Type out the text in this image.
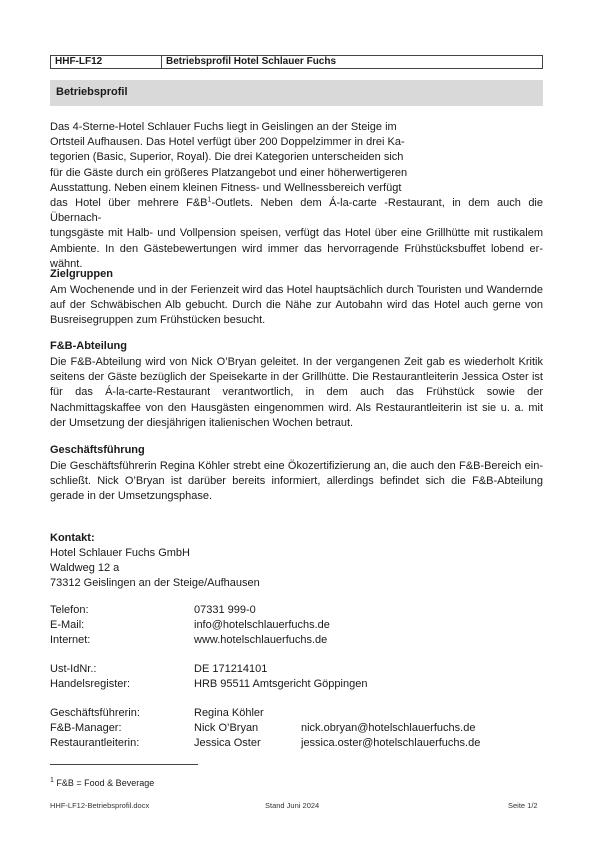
HHF-LF12	Betriebsprofil Hotel Schlauer Fuchs
Betriebsprofil
Das 4-Sterne-Hotel Schlauer Fuchs liegt in Geislingen an der Steige im
Ortsteil Aufhausen. Das Hotel verfügt über 200 Doppelzimmer in drei Ka-
tegorien (Basic, Superior, Royal). Die drei Kategorien unterscheiden sich
für die Gäste durch ein größeres Platzangebot und einer höherwertigeren
Ausstattung. Neben einem kleinen Fitness- und Wellnessbereich verfügt
das Hotel über mehrere $F\&B^1$-Outlets. Neben dem Á-la-carte -Restaurant, in dem auch die Übernach-
tungsgäste mit Halb- und Vollpension speisen, verfügt das Hotel über eine Grillhütte mit rustikalem Ambiente. In den Gästebewertungen wird immer das hervorragende Frühstücksbuffet lobend er-wähnt.

Zielgruppen

Am Wochenende und in der Ferienzeit wird das Hotel hauptsächlich durch Touristen und Wandernde auf der Schwäbischen Alb gebucht. Durch die Nähe zur Autobahn wird das Hotel auch gerne von Busreisegruppen zum Frühstücken besucht.

F&B-Abteilung

Die F&B-Abteilung wird von Nick O’Bryan geleitet. In der vergangenen Zeit gab es wiederholt Kritik seitens der Gäste bezüglich der Speisekarte in der Grillhütte. Die Restaurantleiterin Jessica Oster ist für das Á-la-carte-Restaurant verantwortlich, in dem auch das Frühstück sowie der Nachmittagskaffee von den Hausgästen eingenommen wird. Als Restaurantleiterin ist sie u. a. mit der Umsetzung der diesjährigen italienischen Wochen betraut.

Geschäftsführung

Die Geschäftsführerin Regina Köhler strebt eine Ökozertifizierung an, die auch den F&B-Bereich ein-schließt. Nick O’Bryan ist darüber bereits informiert, allerdings befindet sich die F&B-Abteilung gerade in der Umsetzungsphase.

Kontakt:
Hotel Schlauer Fuchs GmbH
Waldweg 12 a
73312 Geislingen an der Steige/Aufhausen
Telefon:	07331 999-0
E-Mail:	info@hotelschlauerfuchs.de
Internet:	www.hotelschlauerfuchs.de
Ust-IdNr.:	DE 171214101
Handelsregister:	HRB 95511 Amtsgericht Göppingen
Geschäftsführerin:	Regina Köhler
F&B-Manager:	Nick O’Bryan	nick.obryan@hotelschlauerfuchs.de
Restaurantleiterin:	Jessica Oster	jessica.oster@hotelschlauerfuchs.de
$^1$ F&B = Food & Beverage
HHF-LF12-Betriebsprofil.docx	Stand Juni 2024	Seite 1/2
